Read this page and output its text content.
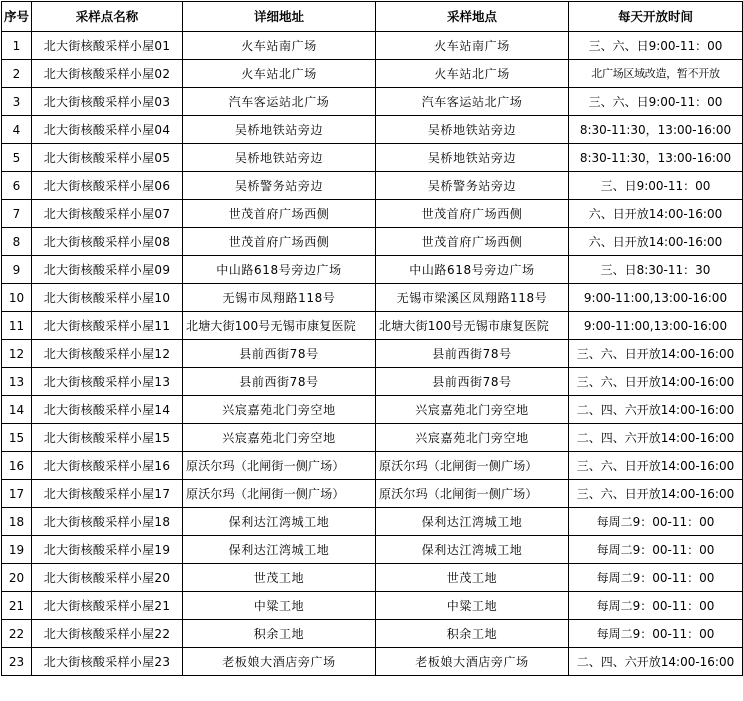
序号	采样点名称	详细地址	采样地点	每天开放时间
1	北大街核酸采样小屋01	火车站南广场	火车站南广场	三、六、日9:00-11：00
2	北大街核酸采样小屋02	火车站北广场	火车站北广场	北广场区域改造，暂不开放
3	北大街核酸采样小屋03	汽车客运站北广场	汽车客运站北广场	三、六、日9:00-11：00
4	北大街核酸采样小屋04	吴桥地铁站旁边	吴桥地铁站旁边	8:30-11:30，13:00-16:00
5	北大街核酸采样小屋05	吴桥地铁站旁边	吴桥地铁站旁边	8:30-11:30，13:00-16:00
6	北大街核酸采样小屋06	吴桥警务站旁边	吴桥警务站旁边	三、日9:00-11：00
7	北大街核酸采样小屋07	世茂首府广场西侧	世茂首府广场西侧	六、日开放14:00-16:00
8	北大街核酸采样小屋08	世茂首府广场西侧	世茂首府广场西侧	六、日开放14:00-16:00
9	北大街核酸采样小屋09	中山路618号旁边广场	中山路618号旁边广场	三、日8:30-11：30
10	北大街核酸采样小屋10	无锡市凤翔路118号	无锡市梁溪区凤翔路118号	9:00-11:00,13:00-16:00
11	北大街核酸采样小屋11	北塘大街100号无锡市康复医院	北塘大街100号无锡市康复医院	9:00-11:00,13:00-16:00
12	北大街核酸采样小屋12	县前西街78号	县前西街78号	三、六、日开放14:00-16:00
13	北大街核酸采样小屋13	县前西街78号	县前西街78号	三、六、日开放14:00-16:00
14	北大街核酸采样小屋14	兴宸嘉苑北门旁空地	兴宸嘉苑北门旁空地	二、四、六开放14:00-16:00
15	北大街核酸采样小屋15	兴宸嘉苑北门旁空地	兴宸嘉苑北门旁空地	二、四、六开放14:00-16:00
16	北大街核酸采样小屋16	原沃尔玛（北闸街一侧广场）	原沃尔玛（北闸街一侧广场）	三、六、日开放14:00-16:00
17	北大街核酸采样小屋17	原沃尔玛（北闸街一侧广场）	原沃尔玛（北闸街一侧广场）	三、六、日开放14:00-16:00
18	北大街核酸采样小屋18	保利达江湾城工地	保利达江湾城工地	每周二9：00-11：00
19	北大街核酸采样小屋19	保利达江湾城工地	保利达江湾城工地	每周二9：00-11：00
20	北大街核酸采样小屋20	世茂工地	世茂工地	每周二9：00-11：00
21	北大街核酸采样小屋21	中粱工地	中粱工地	每周二9：00-11：00
22	北大街核酸采样小屋22	积余工地	积余工地	每周二9：00-11：00
23	北大街核酸采样小屋23	老板娘大酒店旁广场	老板娘大酒店旁广场	二、四、六开放14:00-16:00
